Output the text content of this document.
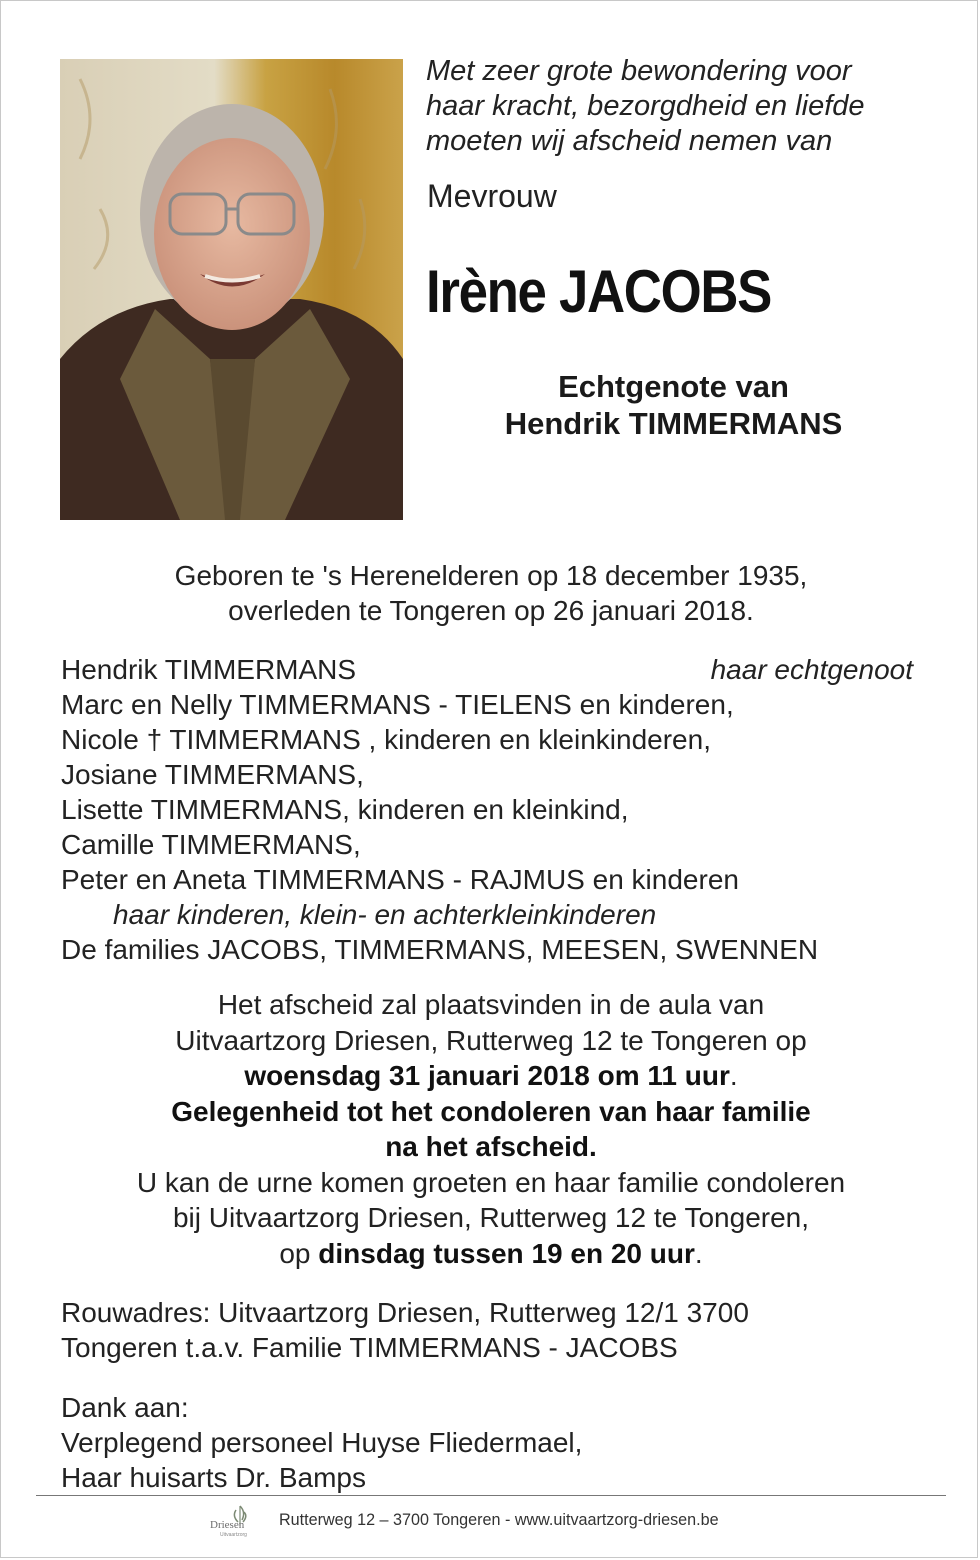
Met zeer grote bewondering voor
haar kracht, bezorgdheid en liefde
moeten wij afscheid nemen van

Mevrouw

Irène JACOBS

Echtgenote van
Hendrik TIMMERMANS

Geboren te 's Herenelderen op 18 december 1935,
overleden te Tongeren op 26 januari 2018.

Hendrik TIMMERMANS	haar echtgenoot
Marc en Nelly TIMMERMANS - TIELENS en kinderen,
Nicole † TIMMERMANS , kinderen en kleinkinderen,
Josiane TIMMERMANS,
Lisette TIMMERMANS, kinderen en kleinkind,
Camille TIMMERMANS,
Peter en Aneta TIMMERMANS - RAJMUS en kinderen
haar kinderen, klein- en achterkleinkinderen
De families JACOBS, TIMMERMANS, MEESEN, SWENNEN
Het afscheid zal plaatsvinden in de aula van
Uitvaartzorg Driesen, Rutterweg 12 te Tongeren op
woensdag 31 januari 2018 om 11 uur.
Gelegenheid tot het condoleren van haar familie
na het afscheid.
U kan de urne komen groeten en haar familie condoleren
bij Uitvaartzorg Driesen, Rutterweg 12 te Tongeren,
op dinsdag tussen 19 en 20 uur.
Rouwadres: Uitvaartzorg Driesen, Rutterweg 12/1 3700
Tongeren t.a.v. Familie TIMMERMANS - JACOBS
Dank aan:
Verplegend personeel Huyse Fliedermael,
Haar huisarts Dr. Bamps
Driesen
Uitvaartzorg
Rutterweg 12 – 3700 Tongeren - www.uitvaartzorg-driesen.be
